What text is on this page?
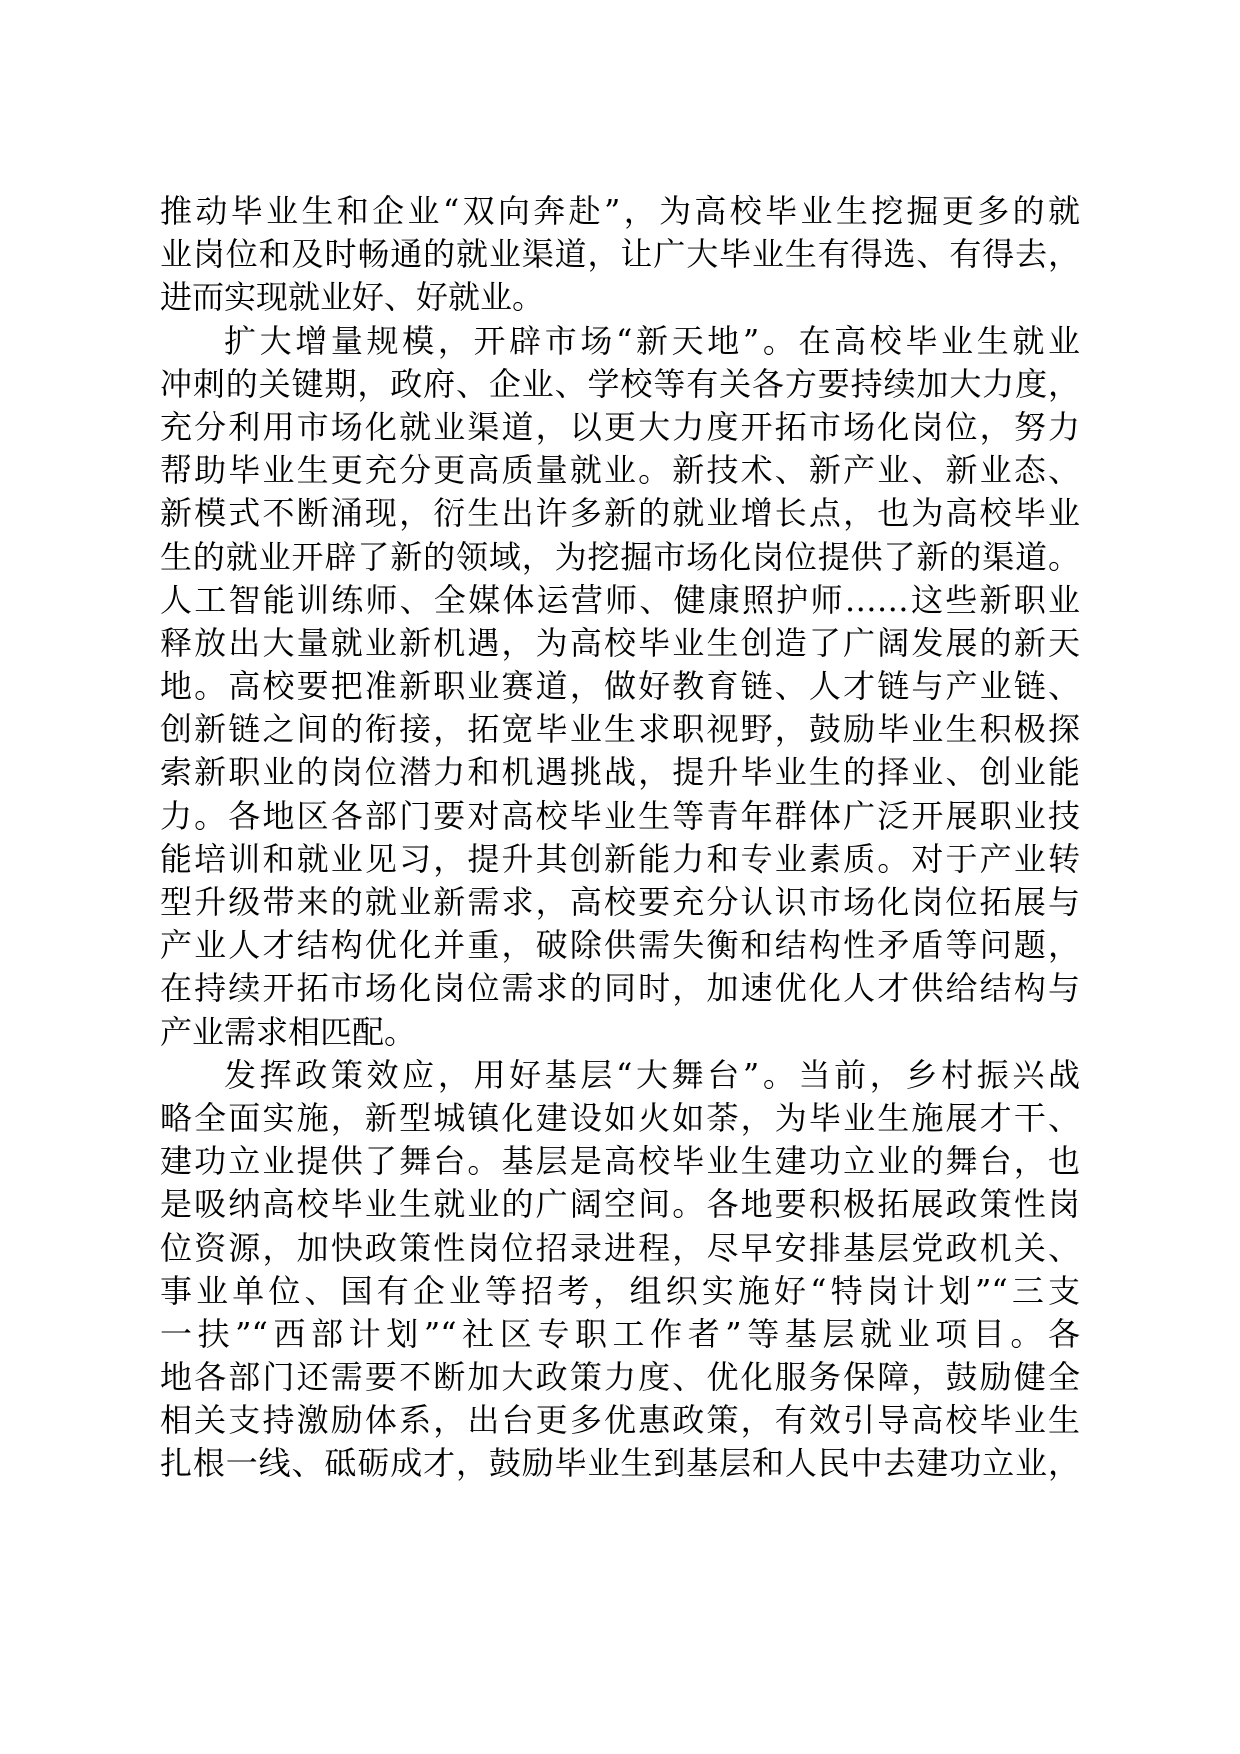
推动毕业生和企业“双向奔赴”，为高校毕业生挖掘更多的就
业岗位和及时畅通的就业渠道，让广大毕业生有得选、有得去，
进而实现就业好、好就业。
扩大增量规模，开辟市场“新天地”。在高校毕业生就业
冲刺的关键期，政府、企业、学校等有关各方要持续加大力度，
充分利用市场化就业渠道，以更大力度开拓市场化岗位，努力
帮助毕业生更充分更高质量就业。新技术、新产业、新业态、
新模式不断涌现，衍生出许多新的就业增长点，也为高校毕业
生的就业开辟了新的领域，为挖掘市场化岗位提供了新的渠道。
人工智能训练师、全媒体运营师、健康照护师……这些新职业
释放出大量就业新机遇，为高校毕业生创造了广阔发展的新天
地。高校要把准新职业赛道，做好教育链、人才链与产业链、
创新链之间的衔接，拓宽毕业生求职视野，鼓励毕业生积极探
索新职业的岗位潜力和机遇挑战，提升毕业生的择业、创业能
力。各地区各部门要对高校毕业生等青年群体广泛开展职业技
能培训和就业见习，提升其创新能力和专业素质。对于产业转
型升级带来的就业新需求，高校要充分认识市场化岗位拓展与
产业人才结构优化并重，破除供需失衡和结构性矛盾等问题，
在持续开拓市场化岗位需求的同时，加速优化人才供给结构与
产业需求相匹配。
发挥政策效应，用好基层“大舞台”。当前，乡村振兴战
略全面实施，新型城镇化建设如火如荼，为毕业生施展才干、
建功立业提供了舞台。基层是高校毕业生建功立业的舞台，也
是吸纳高校毕业生就业的广阔空间。各地要积极拓展政策性岗
位资源，加快政策性岗位招录进程，尽早安排基层党政机关、
事业单位、国有企业等招考，组织实施好“特岗计划”“三支
一扶”“西部计划”“社区专职工作者”等基层就业项目。各
地各部门还需要不断加大政策力度、优化服务保障，鼓励健全
相关支持激励体系，出台更多优惠政策，有效引导高校毕业生
扎根一线、砥砺成才，鼓励毕业生到基层和人民中去建功立业，
